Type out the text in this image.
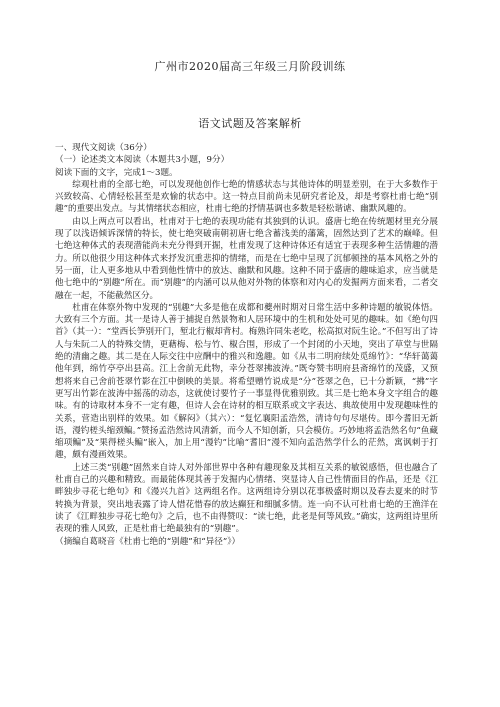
广州市2020届高三年级三月阶段训练
语文试题及答案解析
一、现代文阅读（36分）
（一）论述类文本阅读（本题共3小题，9分）
阅读下面的文字，完成1～3题。

综观杜甫的全部七绝，可以发现他创作七绝的情感状态与其他诗体的明显差别，在于大多数作于兴致较高、心情轻松甚至是欢愉的状态中。这一特点目前尚未见研究者论及，却是考察杜甫七绝“别趣”的重要出发点。与其情绪状态相应，杜甫七绝的抒情基调也多数是轻松谐谑、幽默风趣的。

由以上两点可以看出，杜甫对于七绝的表现功能有其独到的认识。盛唐七绝在传统题材里充分展现了以浅语倾诉深情的特长，使七绝突破南朝初唐七绝含蓄浅美的藩篱，固然达到了艺术的巅峰。但七绝这种体式的表现潜能尚未充分得到开掘，杜甫发现了这种诗体还有适宜于表现多种生活情趣的潜力。所以他很少用这种体式来抒发沉重悲抑的情绪，而是在七绝中呈现了沉郁顿挫的基本风格之外的另一面，让人更多地从中看到他性情中的放达、幽默和风趣。这种不同于盛唐的趣味追求，应当就是他七绝中的“别趣”所在。而“别趣”的内涵可以从他对外物的体察和对内心的发掘两方面来看，二者交融在一起，不能截然区分。

杜甫在体察外物中发现的“别趣”大多是他在成都和夔州时期对日常生活中多种诗题的敏锐体悟。大致有三个方面。其一是诗人善于捕捉自然景物和人居环境中的生机和处处可见的趣味。如《绝句四首》（其一）：“堂西长笋别开门，堑北行椒却背村。梅熟许同朱老吃，松高拟对阮生论。”不但写出了诗人与朱阮二人的特殊交情，更藉梅、松与竹、椒合围，形成了一个封闭的小天地，突出了草堂与世隔绝的清幽之趣。其二是在人际交往中应酬中的雅兴和逸趣。如《从韦二明府续处觅绵竹》：“华轩蔼蔼他年到，绵竹亭亭出县高。江上舍前无此物，幸分苍翠拂波涛。”既夸赞韦明府县斋绵竹的茂盛，又预想将来自己舍前苍翠竹影在江中倒映的美景。将希望赠竹说成是“分”苍翠之色，已十分新颖，“拂”字更写出竹影在波涛中摇荡的动态，这就使讨要竹子一事显得优雅别致。其三是七绝本身文字组合的趣味。有的诗取材本身不一定有趣，但诗人会在诗材的相互联系或文字表达、典故使用中发现趣味性的关系，营造出别样的效果。如《解闷》（其六）：“复忆襄阳孟浩然，清诗句句尽堪传。即今耆旧无新语，漫钓槎头缩颈鳊。”赞扬孟浩然诗风清新，而今人不知创新，只会模仿。巧妙地将孟浩然名句“鱼藏缩项鳊”及“果得槎头鳊”嵌入，加上用“漫钓”比喻“耆旧”漫不知向孟浩然学什么的茫然，寓讽刺于打趣，颇有漫画效果。

上述三类“别趣”固然来自诗人对外部世界中各种有趣现象及其相互关系的敏锐感悟，但也融合了杜甫自己的兴趣和精致。而最能体现其善于发掘内心情绪、突显诗人自己性情面目的作品，还是《江畔独步寻花七绝句》和《漫兴九首》这两组名作。这两组诗分别以花事极盛时期以及春去夏来的时节转换为背景，突出地表露了诗人惜花惜春的放达癫狂和细腻多情。连一向不认可杜甫七绝的王渔洋在读了《江畔独步寻花七绝句》之后，也不由得赞叹：“读七绝，此老是何等风致。”确实，这两组诗里所表现的雅人风致，正是杜甫七绝最独有的“别趣”。

（摘编自葛晓音《杜甫七绝的“别趣”和“异径”》）
